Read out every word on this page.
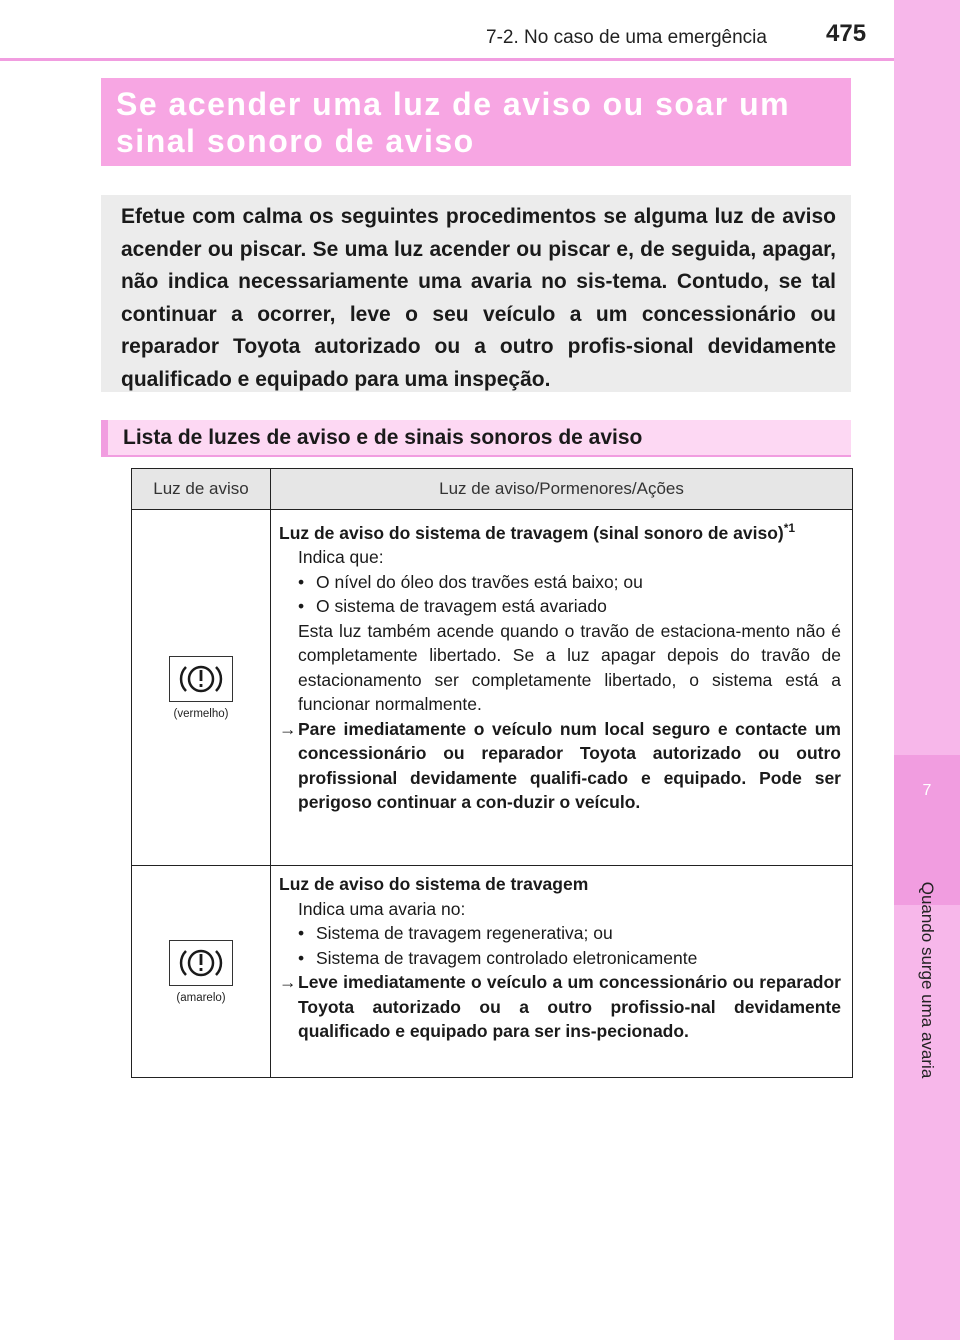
7
Quando surge uma avaria
7-2. No caso de uma emergência 475
Se acender uma luz de aviso ou soar um sinal sonoro de aviso
Efetue com calma os seguintes procedimentos se alguma luz de aviso acender ou piscar. Se uma luz acender ou piscar e, de seguida, apagar, não indica necessariamente uma avaria no sis-tema. Contudo, se tal continuar a ocorrer, leve o seu veículo a um concessionário ou reparador Toyota autorizado ou a outro profis-sional devidamente qualificado e equipado para uma inspeção.
Lista de luzes de aviso e de sinais sonoros de aviso
Luz de aviso	Luz de aviso/Pormenores/Ações
(vermelho)
Luz de aviso do sistema de travagem (sinal sonoro de aviso)$^{*1}$
Indica que:
• O nível do óleo dos travões está baixo; ou
• O sistema de travagem está avariado
Esta luz também acende quando o travão de estaciona-mento não é completamente libertado. Se a luz apagar depois do travão de estacionamento ser completamente libertado, o sistema está a funcionar normalmente.
→ Pare imediatamente o veículo num local seguro e contacte um concessionário ou reparador Toyota autorizado ou outro profissional devidamente qualifi-cado e equipado. Pode ser perigoso continuar a con-duzir o veículo.
(amarelo)
Luz de aviso do sistema de travagem
Indica uma avaria no:
• Sistema de travagem regenerativa; ou
• Sistema de travagem controlado eletronicamente
→ Leve imediatamente o veículo a um concessionário ou reparador Toyota autorizado ou a outro profissio-nal devidamente qualificado e equipado para ser ins-pecionado.
